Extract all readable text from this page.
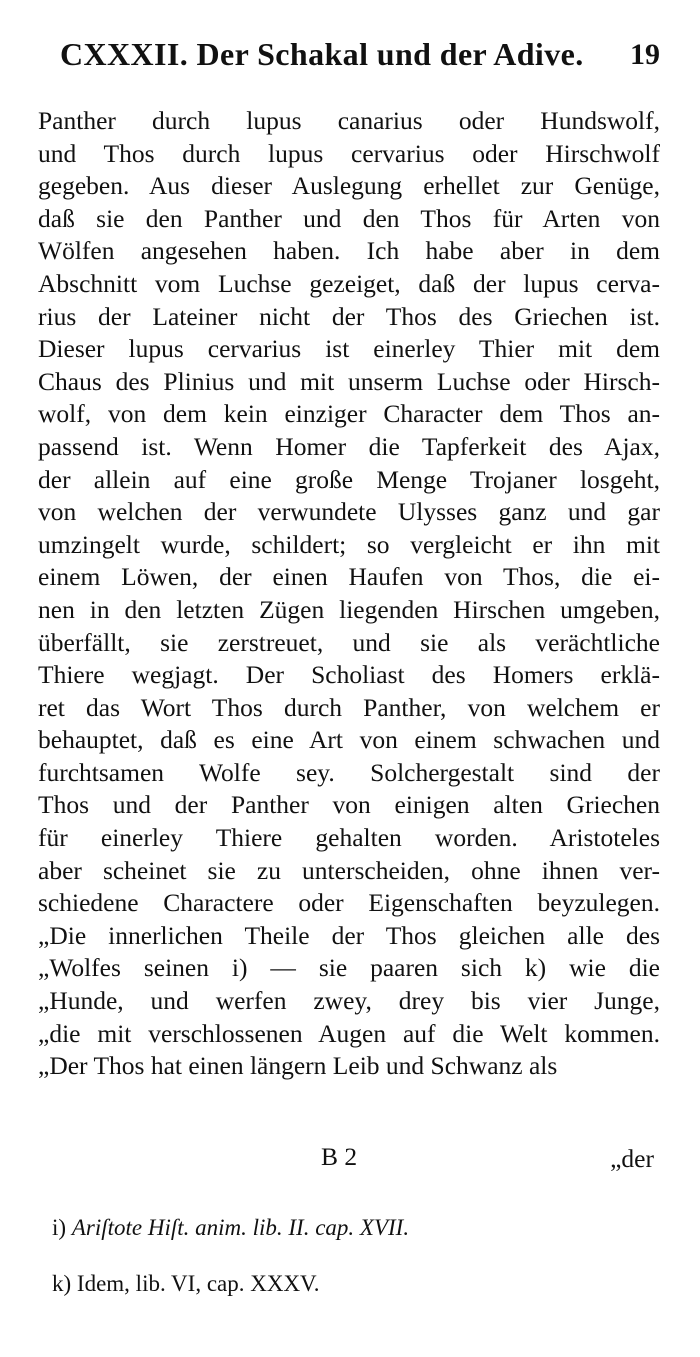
CXXXII. Der Schakal und der Adive. 19
Panther durch lupus canarius oder Hundswolf,
und Thos durch lupus cervarius oder Hirschwolf
gegeben. Aus dieser Auslegung erhellet zur Genüge,
daß sie den Panther und den Thos für Arten von
Wölfen angesehen haben. Ich habe aber in dem
Abschnitt vom Luchse gezeiget, daß der lupus cerva-
rius der Lateiner nicht der Thos des Griechen ist.
Dieser lupus cervarius ist einerley Thier mit dem
Chaus des Plinius und mit unserm Luchse oder Hirsch-
wolf, von dem kein einziger Character dem Thos an-
passend ist. Wenn Homer die Tapferkeit des Ajax,
der allein auf eine große Menge Trojaner losgeht,
von welchen der verwundete Ulysses ganz und gar
umzingelt wurde, schildert; so vergleicht er ihn mit
einem Löwen, der einen Haufen von Thos, die ei-
nen in den letzten Zügen liegenden Hirschen umgeben,
überfällt, sie zerstreuet, und sie als verächtliche
Thiere wegjagt. Der Scholiast des Homers erklä-
ret das Wort Thos durch Panther, von welchem er
behauptet, daß es eine Art von einem schwachen und
furchtsamen Wolfe sey. Solchergestalt sind der
Thos und der Panther von einigen alten Griechen
für einerley Thiere gehalten worden. Aristoteles
aber scheinet sie zu unterscheiden, ohne ihnen ver-
schiedene Charactere oder Eigenschaften beyzulegen.
„Die innerlichen Theile der Thos gleichen alle des
„Wolfes seinen i) — sie paaren sich k) wie die
„Hunde, und werfen zwey, drey bis vier Junge,
„die mit verschlossenen Augen auf die Welt kommen.
„Der Thos hat einen längern Leib und Schwanz als
B 2	„der
i) Ariſtote Hiſt. anim. lib. II. cap. XVII.
k) Idem, lib. VI, cap. XXXV.
